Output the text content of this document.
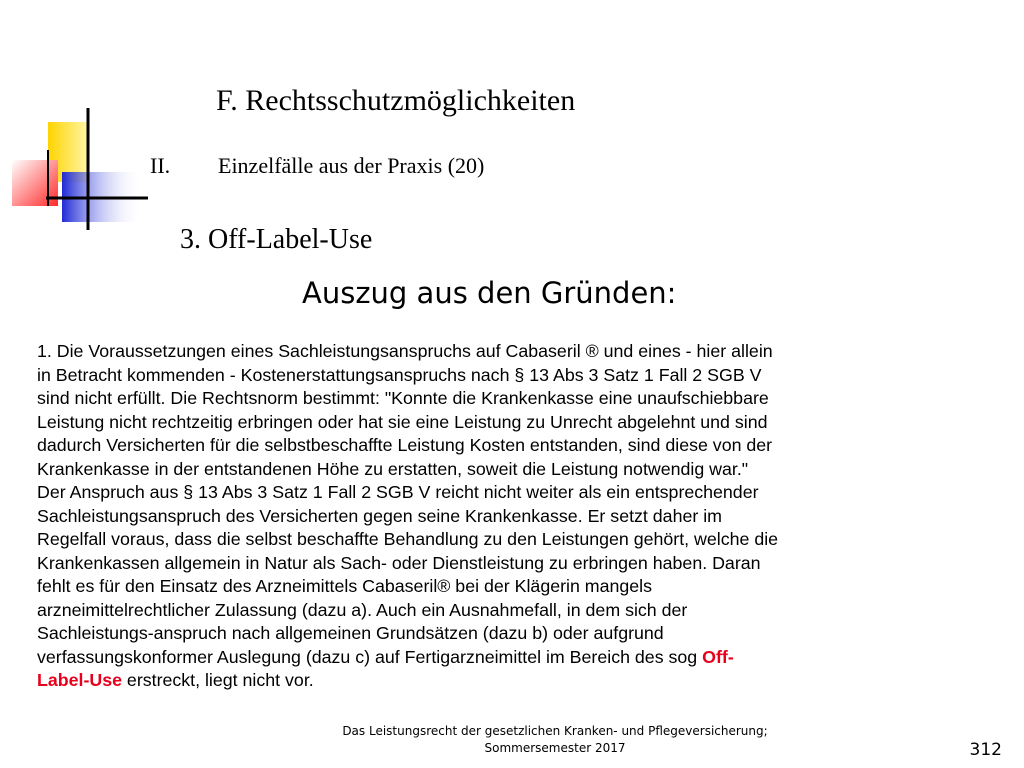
F. Rechtsschutzmöglichkeiten
II. Einzelfälle aus der Praxis (20)
3. Off-Label-Use
Auszug aus den Gründen:
1. Die Voraussetzungen eines Sachleistungsanspruchs auf Cabaseril ® und eines - hier allein
in Betracht kommenden - Kostenerstattungsanspruchs nach § 13 Abs 3 Satz 1 Fall 2 SGB V
sind nicht erfüllt. Die Rechtsnorm bestimmt: "Konnte die Krankenkasse eine unaufschiebbare
Leistung nicht rechtzeitig erbringen oder hat sie eine Leistung zu Unrecht abgelehnt und sind
dadurch Versicherten für die selbstbeschaffte Leistung Kosten entstanden, sind diese von der
Krankenkasse in der entstandenen Höhe zu erstatten, soweit die Leistung notwendig war."
Der Anspruch aus § 13 Abs 3 Satz 1 Fall 2 SGB V reicht nicht weiter als ein entsprechender
Sachleistungsanspruch des Versicherten gegen seine Krankenkasse. Er setzt daher im
Regelfall voraus, dass die selbst beschaffte Behandlung zu den Leistungen gehört, welche die
Krankenkassen allgemein in Natur als Sach- oder Dienstleistung zu erbringen haben. Daran
fehlt es für den Einsatz des Arzneimittels Cabaseril® bei der Klägerin mangels
arzneimittelrechtlicher Zulassung (dazu a). Auch ein Ausnahmefall, in dem sich der
Sachleistungs-anspruch nach allgemeinen Grundsätzen (dazu b) oder aufgrund
verfassungskonformer Auslegung (dazu c) auf Fertigarzneimittel im Bereich des sog Off-
Label-Use erstreckt, liegt nicht vor.
Das Leistungsrecht der gesetzlichen Kranken- und Pflegeversicherung;
Sommersemester 2017	312
